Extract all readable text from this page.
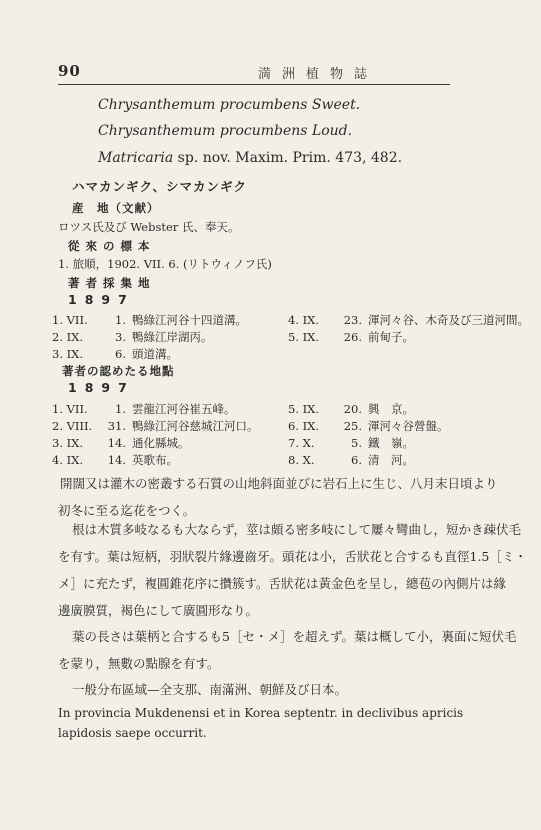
90	満洲植物誌
Chrysanthemum procumbens Sweet.
Chrysanthemum procumbens Loud.
Matricaria sp. nov. Maxim. Prim. 473, 482.
ハマカンギク、シマカンギク
産　地（文献）
ロツス氏及び Webster 氏、奉天。
從 來 の 標 本
1. 旅順，1902. VII. 6. (リトウィノフ氏)
著 者 採 集 地
1897
1. VII. 1. 鴨綠江河谷十四道溝。
2. IX.	3. 鴨綠江岸湖丙。
3. IX.	6. 頭道溝。
4. IX. 23. 渾河々谷、木奇及び三道河間。
5. IX. 26. 前甸子。
著者の認めたる地點
1897
1. VII. 1. 雲龍江河谷崔五峰。
2. VIII. 31. 鴨綠江河谷慈城江河口。
3. IX. 14. 通化縣城。
4. IX. 14. 英歌布。
5. IX. 20. 興　京。
6. IX. 25. 渾河々谷營盤。
7. X.	5. 鐵　嶺。
8. X.	6. 清　河。
開闊又は灌木の密叢する石質の山地斜面並びに岩石上に生じ、八月末日頃より
初冬に至る迄花をつく。
根は木質多岐なるも大ならず，莖は頗る密多岐にして屢々彎曲し，短かき疎伏毛
を有す。葉は短柄，羽狀裂片緣邊齒牙。頭花は小，舌狀花と合するも直徑1.5［ミ・
メ］に充たず，複圓錐花序に攢簇す。舌狀花は黃金色を呈し，總苞の內側片は緣
邊廣膜質，褐色にして廣圓形なり。
葉の長さは葉柄と合するも5［セ・メ］を超えず。葉は概して小，裏面に短伏毛
を蒙り，無數の點腺を有す。
一般分布區域—全支那、南滿洲、朝鮮及び日本。
In provincia Mukdenensi et in Korea septentr. in declivibus apricis lapidosis saepe occurrit.
